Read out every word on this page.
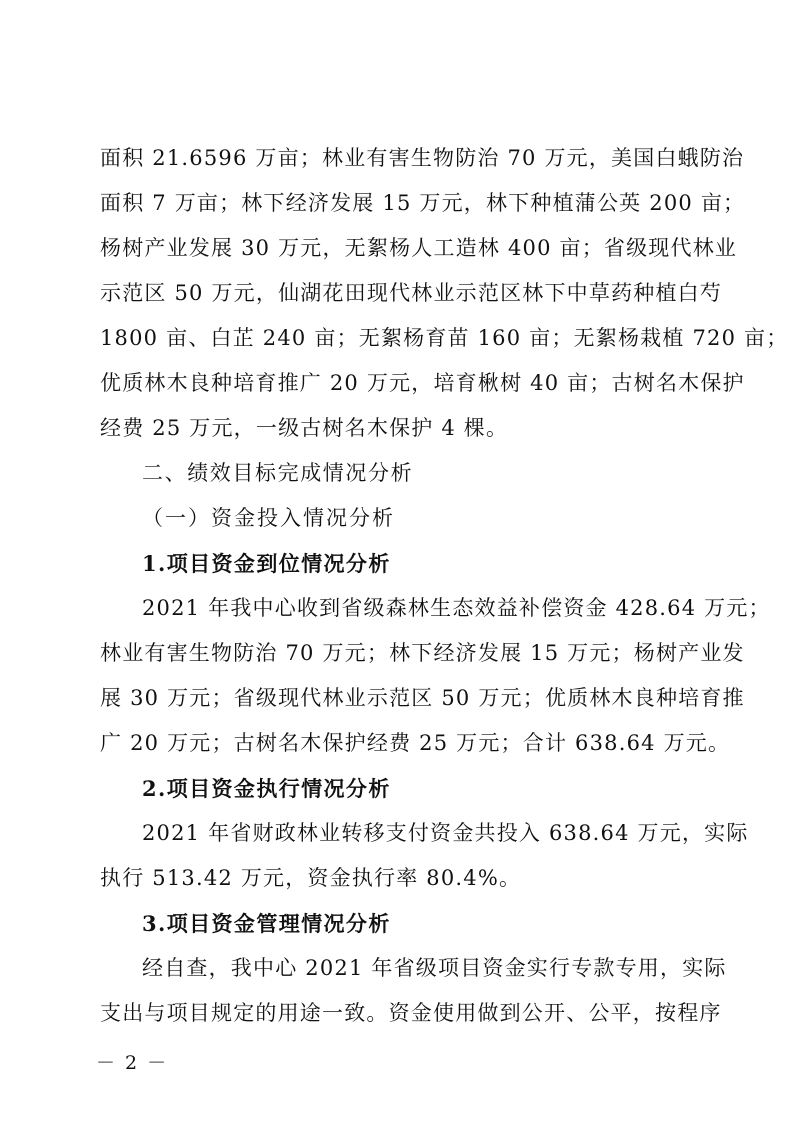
面积 21.6596 万亩；林业有害生物防治 70 万元，美国白蛾防治
面积 7 万亩；林下经济发展 15 万元，林下种植蒲公英 200 亩；
杨树产业发展 30 万元，无絮杨人工造林 400 亩；省级现代林业
示范区 50 万元，仙湖花田现代林业示范区林下中草药种植白芍
1800 亩、白芷 240 亩；无絮杨育苗 160 亩；无絮杨栽植 720 亩；
优质林木良种培育推广 20 万元，培育楸树 40 亩；古树名木保护
经费 25 万元，一级古树名木保护 4 棵。
二、绩效目标完成情况分析
（一）资金投入情况分析
1.项目资金到位情况分析
2021 年我中心收到省级森林生态效益补偿资金 428.64 万元；
林业有害生物防治 70 万元；林下经济发展 15 万元；杨树产业发
展 30 万元；省级现代林业示范区 50 万元；优质林木良种培育推
广 20 万元；古树名木保护经费 25 万元；合计 638.64 万元。
2.项目资金执行情况分析
2021 年省财政林业转移支付资金共投入 638.64 万元，实际
执行 513.42 万元，资金执行率 80.4%。
3.项目资金管理情况分析
经自查，我中心 2021 年省级项目资金实行专款专用，实际
支出与项目规定的用途一致。资金使用做到公开、公平，按程序
－ 2 －
